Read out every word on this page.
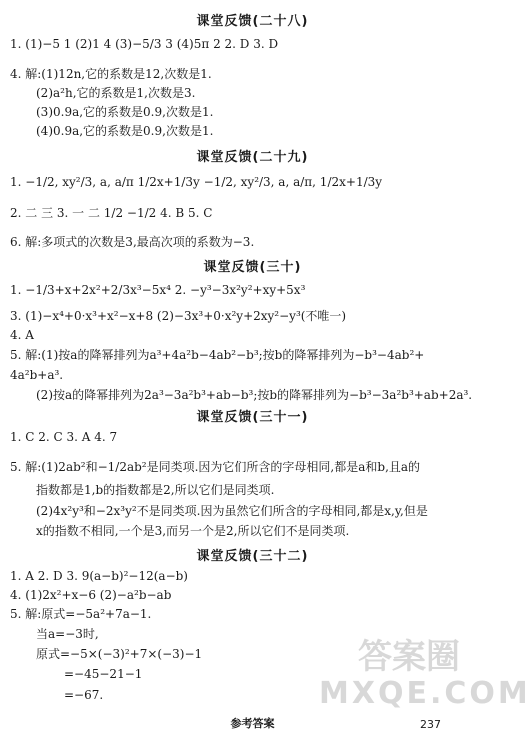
课堂反馈(二十八)
1. (1)−5 1 (2)1 4 (3)−5/3 3 (4)5π 2 2. D 3. D
4. 解:(1)12n,它的系数是12,次数是1.
(2)a²h,它的系数是1,次数是3.
(3)0.9a,它的系数是0.9,次数是1.
(4)0.9a,它的系数是0.9,次数是1.
课堂反馈(二十九)
1. −1/2, xy²/3, a, a/π 1/2x+1/3y −1/2, xy²/3, a, a/π, 1/2x+1/3y
2. 二 三 3. 一 二 1/2 −1/2 4. B 5. C
6. 解:多项式的次数是3,最高次项的系数为−3.
课堂反馈(三十)
1. −1/3+x+2x²+2/3x³−5x⁴ 2. −y³−3x²y²+xy+5x³
3. (1)−x⁴+0·x³+x²−x+8 (2)−3x³+0·x²y+2xy²−y³(不唯一)
4. A
5. 解:(1)按a的降幂排列为a³+4a²b−4ab²−b³;按b的降幂排列为−b³−4ab²+
4a²b+a³.
(2)按a的降幂排列为2a³−3a²b³+ab−b³;按b的降幂排列为−b³−3a²b³+ab+2a³.
课堂反馈(三十一)
1. C 2. C 3. A 4. 7
5. 解:(1)2ab²和−1/2ab²是同类项.因为它们所含的字母相同,都是a和b,且a的
指数都是1,b的指数都是2,所以它们是同类项.
(2)4x²y³和−2x³y²不是同类项.因为虽然它们所含的字母相同,都是x,y,但是
x的指数不相同,一个是3,而另一个是2,所以它们不是同类项.
课堂反馈(三十二)
1. A 2. D 3. 9(a−b)²−12(a−b)
4. (1)2x²+x−6 (2)−a²b−ab
5. 解:原式=−5a²+7a−1.
当a=−3时,
原式=−5×(−3)²+7×(−3)−1
=−45−21−1
=−67.
答案圈
MXQE.COM
参考答案	237
